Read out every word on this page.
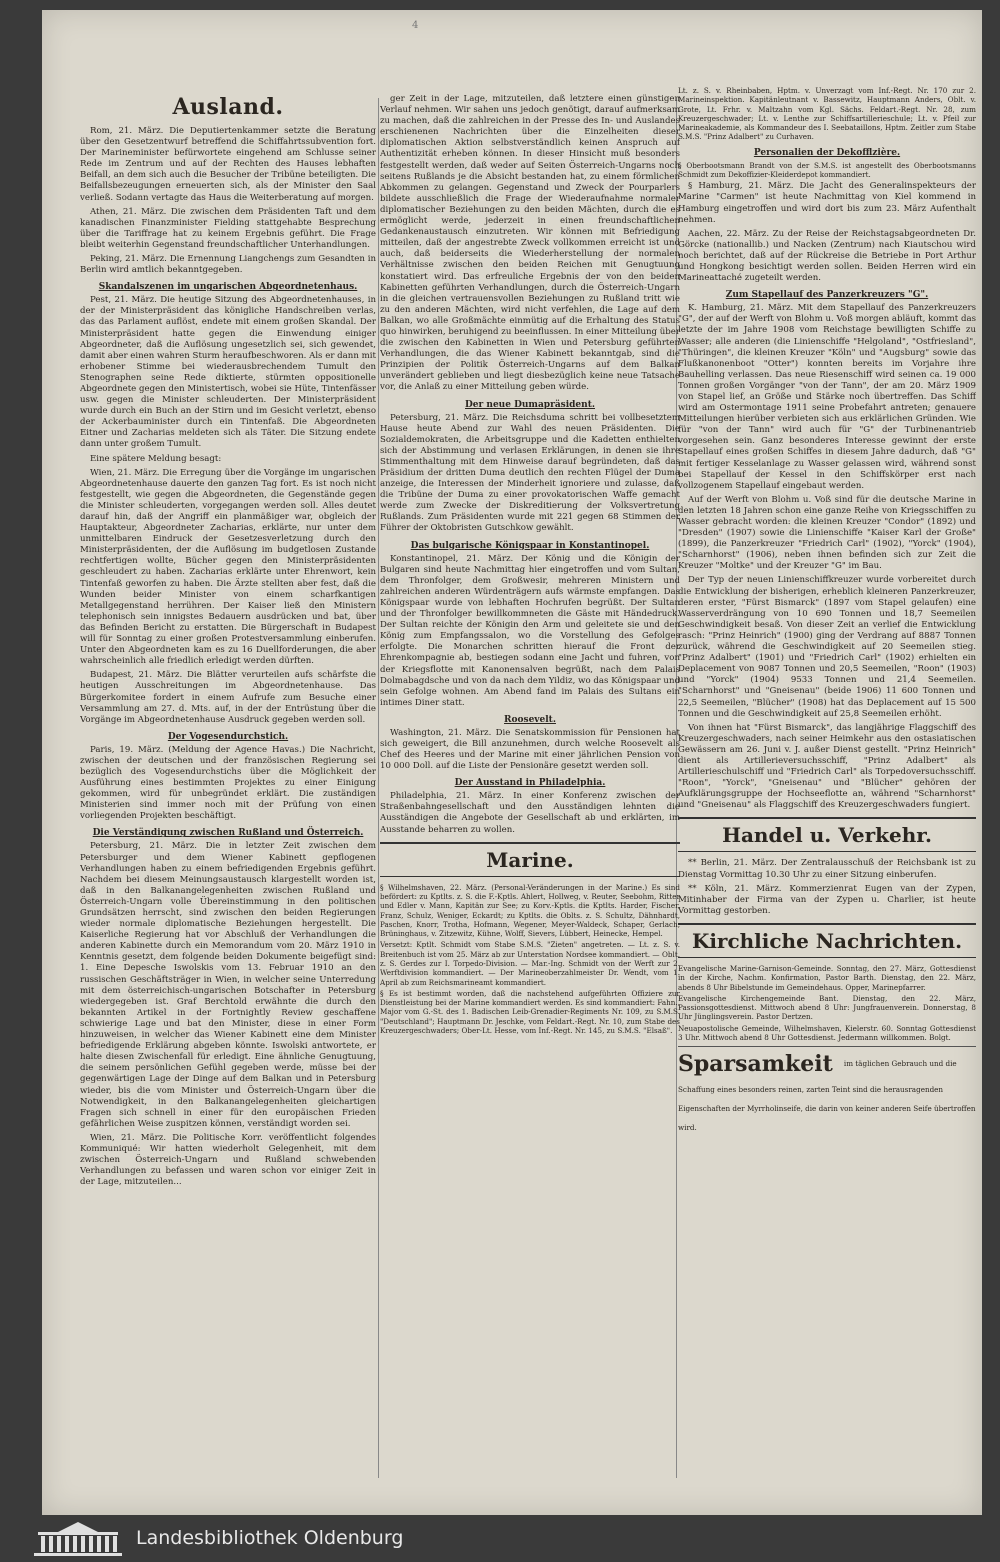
4
Ausland.

Rom, 21. März. Die Deputiertenkammer setzte die Beratung über den Gesetzentwurf betreffend die Schiffahrtssubvention fort. Der Marineminister befürwortete eingehend am Schlusse seiner Rede im Zentrum und auf der Rechten des Hauses lebhaften Beifall, an dem sich auch die Besucher der Tribüne beteiligten. Die Beifallsbezeugungen erneuerten sich, als der Minister den Saal verließ. Sodann vertagte das Haus die Weiterberatung auf morgen.

Athen, 21. März. Die zwischen dem Präsidenten Taft und dem kanadischen Finanzminister Fielding stattgehabte Besprechung über die Tariffrage hat zu keinem Ergebnis geführt. Die Frage bleibt weiterhin Gegenstand freundschaftlicher Unterhandlungen.

Peking, 21. März. Die Ernennung Liangchengs zum Gesandten in Berlin wird amtlich bekanntgegeben.

Skandalszenen im ungarischen Abgeordnetenhaus.

Pest, 21. März. Die heutige Sitzung des Abgeordnetenhauses, in der der Ministerpräsident das königliche Handschreiben verlas, das das Parlament auflöst, endete mit einem großen Skandal. Der Ministerpräsident hatte gegen die Einwendung einiger Abgeordneter, daß die Auflösung ungesetzlich sei, sich gewendet, damit aber einen wahren Sturm heraufbeschworen. Als er dann mit erhobener Stimme bei wiederausbrechendem Tumult den Stenographen seine Rede diktierte, stürmten oppositionelle Abgeordnete gegen den Ministertisch, wobei sie Hüte, Tintenfässer usw. gegen die Minister schleuderten. Der Ministerpräsident wurde durch ein Buch an der Stirn und im Gesicht verletzt, ebenso der Ackerbauminister durch ein Tintenfaß. Die Abgeordneten Eitner und Zacharias meldeten sich als Täter. Die Sitzung endete dann unter großem Tumult.

Eine spätere Meldung besagt:

Wien, 21. März. Die Erregung über die Vorgänge im ungarischen Abgeordnetenhause dauerte den ganzen Tag fort. Es ist noch nicht festgestellt, wie gegen die Abgeordneten, die Gegenstände gegen die Minister schleuderten, vorgegangen werden soll. Alles deutet darauf hin, daß der Angriff ein planmäßiger war, obgleich der Hauptakteur, Abgeordneter Zacharias, erklärte, nur unter dem unmittelbaren Eindruck der Gesetzesverletzung durch den Ministerpräsidenten, der die Auflösung im budgetlosen Zustande rechtfertigen wollte, Bücher gegen den Ministerpräsidenten geschleudert zu haben. Zacharias erklärte unter Ehrenwort, kein Tintenfaß geworfen zu haben. Die Ärzte stellten aber fest, daß die Wunden beider Minister von einem scharfkantigen Metallgegenstand herrühren. Der Kaiser ließ den Ministern telephonisch sein innigstes Bedauern ausdrücken und bat, über das Befinden Bericht zu erstatten. Die Bürgerschaft in Budapest will für Sonntag zu einer großen Protestversammlung einberufen. Unter den Abgeordneten kam es zu 16 Duellforderungen, die aber wahrscheinlich alle friedlich erledigt werden dürften.

Budapest, 21. März. Die Blätter verurteilen aufs schärfste die heutigen Ausschreitungen im Abgeordnetenhause. Das Bürgerkomitee fordert in einem Aufrufe zum Besuche einer Versammlung am 27. d. Mts. auf, in der der Entrüstung über die Vorgänge im Abgeordnetenhause Ausdruck gegeben werden soll.

Der Vogesendurchstich.

Paris, 19. März. (Meldung der Agence Havas.) Die Nachricht, zwischen der deutschen und der französischen Regierung sei bezüglich des Vogesendurchstichs über die Möglichkeit der Ausführung eines bestimmten Projektes zu einer Einigung gekommen, wird für unbegründet erklärt. Die zuständigen Ministerien sind immer noch mit der Prüfung von einen vorliegenden Projekten beschäftigt.

Die Verständigung zwischen Rußland und Österreich.

Petersburg, 21. März. Die in letzter Zeit zwischen dem Petersburger und dem Wiener Kabinett gepflogenen Verhandlungen haben zu einem befriedigenden Ergebnis geführt. Nachdem bei diesem Meinungsaustausch klargestellt worden ist, daß in den Balkanangelegenheiten zwischen Rußland und Österreich-Ungarn volle Übereinstimmung in den politischen Grundsätzen herrscht, sind zwischen den beiden Regierungen wieder normale diplomatische Beziehungen hergestellt. Die Kaiserliche Regierung hat vor Abschluß der Verhandlungen die anderen Kabinette durch ein Memorandum vom 20. März 1910 in Kenntnis gesetzt, dem folgende beiden Dokumente beigefügt sind: 1. Eine Depesche Iswolskis vom 13. Februar 1910 an den russischen Geschäftsträger in Wien, in welcher seine Unterredung mit dem österreichisch-ungarischen Botschafter in Petersburg wiedergegeben ist. Graf Berchtold erwähnte die durch den bekannten Artikel in der Fortnightly Review geschaffene schwierige Lage und bat den Minister, diese in einer Form hinzuweisen, in welcher das Wiener Kabinett eine dem Minister befriedigende Erklärung abgeben könnte. Iswolski antwortete, er halte diesen Zwischenfall für erledigt. Eine ähnliche Genugtuung, die seinem persönlichen Gefühl gegeben werde, müsse bei der gegenwärtigen Lage der Dinge auf dem Balkan und in Petersburg wieder, bis die vom Minister und Österreich-Ungarn über die Notwendigkeit, in den Balkanangelegenheiten gleichartigen Fragen sich schnell in einer für den europäischen Frieden gefährlichen Weise zuspitzen können, verständigt worden sei.

Wien, 21. März. Die Politische Korr. veröffentlicht folgendes Kommuniqué: Wir hatten wiederholt Gelegenheit, mit dem zwischen Österreich-Ungarn und Rußland schwebenden Verhandlungen zu befassen und waren schon vor einiger Zeit in der Lage, mitzuteilen...

ger Zeit in der Lage, mitzuteilen, daß letztere einen günstigen Verlauf nehmen. Wir sahen uns jedoch genötigt, darauf aufmerksam zu machen, daß die zahlreichen in der Presse des In- und Auslandes erschienenen Nachrichten über die Einzelheiten dieser diplomatischen Aktion selbstverständlich keinen Anspruch auf Authentizität erheben können. In dieser Hinsicht muß besonders festgestellt werden, daß weder auf Seiten Österreich-Ungarns noch seitens Rußlands je die Absicht bestanden hat, zu einem förmlichen Abkommen zu gelangen. Gegenstand und Zweck der Pourparlers bildete ausschließlich die Frage der Wiederaufnahme normaler diplomatischer Beziehungen zu den beiden Mächten, durch die es ermöglicht werde, jederzeit in einen freundschaftlichen Gedankenaustausch einzutreten. Wir können mit Befriedigung mitteilen, daß der angestrebte Zweck vollkommen erreicht ist und auch, daß beiderseits die Wiederherstellung der normalen Verhältnisse zwischen den beiden Reichen mit Genugtuung konstatiert wird. Das erfreuliche Ergebnis der von den beiden Kabinetten geführten Verhandlungen, durch die Österreich-Ungarn in die gleichen vertrauensvollen Beziehungen zu Rußland tritt wie zu den anderen Mächten, wird nicht verfehlen, die Lage auf dem Balkan, wo alle Großmächte einmütig auf die Erhaltung des Status quo hinwirken, beruhigend zu beeinflussen. In einer Mitteilung über die zwischen den Kabinetten in Wien und Petersburg geführten Verhandlungen, die das Wiener Kabinett bekanntgab, sind die Prinzipien der Politik Österreich-Ungarns auf dem Balkan unverändert geblieben und liegt diesbezüglich keine neue Tatsache vor, die Anlaß zu einer Mitteilung geben würde.

Der neue Dumapräsident.

Petersburg, 21. März. Die Reichsduma schritt bei vollbesetztem Hause heute Abend zur Wahl des neuen Präsidenten. Die Sozialdemokraten, die Arbeitsgruppe und die Kadetten enthielten sich der Abstimmung und verlasen Erklärungen, in denen sie ihre Stimmenthaltung mit dem Hinweise darauf begründeten, daß das Präsidium der dritten Duma deutlich den rechten Flügel der Duma anzeige, die Interessen der Minderheit ignoriere und zulasse, daß die Tribüne der Duma zu einer provokatorischen Waffe gemacht werde zum Zwecke der Diskreditierung der Volksvertretung Rußlands. Zum Präsidenten wurde mit 221 gegen 68 Stimmen der Führer der Oktobristen Gutschkow gewählt.

Das bulgarische Königspaar in Konstantinopel.

Konstantinopel, 21. März. Der König und die Königin der Bulgaren sind heute Nachmittag hier eingetroffen und vom Sultan, dem Thronfolger, dem Großwesir, mehreren Ministern und zahlreichen anderen Würdenträgern aufs wärmste empfangen. Das Königspaar wurde von lebhaften Hochrufen begrüßt. Der Sultan und der Thronfolger bewillkommneten die Gäste mit Händedruck. Der Sultan reichte der Königin den Arm und geleitete sie und den König zum Empfangssalon, wo die Vorstellung des Gefolges erfolgte. Die Monarchen schritten hierauf die Front der Ehrenkompagnie ab, bestiegen sodann eine Jacht und fuhren, von der Kriegsflotte mit Kanonensalven begrüßt, nach dem Palais Dolmabagdsche und von da nach dem Yildiz, wo das Königspaar und sein Gefolge wohnen. Am Abend fand im Palais des Sultans ein intimes Diner statt.

Roosevelt.

Washington, 21. März. Die Senatskommission für Pensionen hat sich geweigert, die Bill anzunehmen, durch welche Roosevelt als Chef des Heeres und der Marine mit einer jährlichen Pension von 10 000 Doll. auf die Liste der Pensionäre gesetzt werden soll.

Der Ausstand in Philadelphia.

Philadelphia, 21. März. In einer Konferenz zwischen der Straßenbahngesellschaft und den Ausständigen lehnten die Ausständigen die Angebote der Gesellschaft ab und erklärten, im Ausstande beharren zu wollen.

Marine.

§ Wilhelmshaven, 22. März. (Personal-Veränderungen in der Marine.) Es sind befördert: zu Kptlts. z. S. die F.-Kptls. Ahlert, Hollweg, v. Reuter, Seebohm, Ritter und Edler v. Mann, Kapitän zur See; zu Korv.-Kptls. die Kptlts. Harder, Fischer, Franz, Schulz, Weniger, Eckardt; zu Kptlts. die Oblts. z. S. Schultz, Dähnhardt, Paschen, Knorr, Trotha, Hofmann, Wegener, Meyer-Waldeck, Schaper, Gerlach, Brüninghaus, v. Zitzewitz, Kühne, Wolff, Sievers, Lübbert, Heinecke, Hempel.

Versetzt: Kptlt. Schmidt vom Stabe S.M.S. "Zieten" angetreten. — Lt. z. S. v. Breitenbuch ist vom 25. März ab zur Unterstation Nordsee kommandiert. — Oblt. z. S. Gerdes zur I. Torpedo-Division. — Mar.-Ing. Schmidt von der Werft zur 2. Werftdivision kommandiert. — Der Marineoberzahlmeister Dr. Wendt, vom 1. April ab zum Reichsmarineamt kommandiert.

§ Es ist bestimmt worden, daß die nachstehend aufgeführten Offiziere zur Dienstleistung bei der Marine kommandiert werden. Es sind kommandiert: Fahn., Major vom G.-St. des 1. Badischen Leib-Grenadier-Regiments Nr. 109, zu S.M.S. "Deutschland"; Hauptmann Dr. Jeschke, vom Feldart.-Regt. Nr. 10, zum Stabe des Kreuzergeschwaders; Ober-Lt. Hesse, vom Inf.-Regt. Nr. 145, zu S.M.S. "Elsaß".

Lt. z. S. v. Rheinbaben, Hptm. v. Unverzagt vom Inf.-Regt. Nr. 170 zur 2. Marineinspektion. Kapitänleutnant v. Bassewitz, Hauptmann Anders, Oblt. v. Grote, Lt. Frhr. v. Maltzahn vom Kgl. Sächs. Feldart.-Regt. Nr. 28, zum Kreuzergeschwader; Lt. v. Lenthe zur Schiffsartillerieschule; Lt. v. Pfeil zur Marineakademie, als Kommandeur des I. Seebataillons, Hptm. Zeitler zum Stabe S.M.S. "Prinz Adalbert" zu Curhaven.

Personalien der Dekofflzière.

§ Oberbootsmann Brandt von der S.M.S. ist angestellt des Oberbootsmanns Schmidt zum Dekoffizier-Kleiderdepot kommandiert.

§ Hamburg, 21. März. Die Jacht des Generalinspekteurs der Marine "Carmen" ist heute Nachmittag von Kiel kommend in Hamburg eingetroffen und wird dort bis zum 23. März Aufenthalt nehmen.

Aachen, 22. März. Zu der Reise der Reichstagsabgeordneten Dr. Görcke (nationallib.) und Nacken (Zentrum) nach Kiautschou wird noch berichtet, daß auf der Rückreise die Betriebe in Port Arthur und Hongkong besichtigt werden sollen. Beiden Herren wird ein Marineattaché zugeteilt werden.

Zum Stapellauf des Panzerkreuzers "G".

K. Hamburg, 21. März. Mit dem Stapellauf des Panzerkreuzers "G", der auf der Werft von Blohm u. Voß morgen abläuft, kommt das letzte der im Jahre 1908 vom Reichstage bewilligten Schiffe zu Wasser; alle anderen (die Linienschiffe "Helgoland", "Ostfriesland", "Thüringen", die kleinen Kreuzer "Köln" und "Augsburg" sowie das Flußkanonenboot "Otter") konnten bereits im Vorjahre ihre Bauhelling verlassen. Das neue Riesenschiff wird seinen ca. 19 000 Tonnen großen Vorgänger "von der Tann", der am 20. März 1909 von Stapel lief, an Größe und Stärke noch übertreffen. Das Schiff wird am Ostermontage 1911 seine Probefahrt antreten; genauere Mitteilungen hierüber verbieten sich aus erklärlichen Gründen. Wie für "von der Tann" wird auch für "G" der Turbinenantrieb vorgesehen sein. Ganz besonderes Interesse gewinnt der erste Stapellauf eines großen Schiffes in diesem Jahre dadurch, daß "G" mit fertiger Kesselanlage zu Wasser gelassen wird, während sonst bei Stapellauf der Kessel in den Schiffskörper erst nach vollzogenem Stapellauf eingebaut werden.

Auf der Werft von Blohm u. Voß sind für die deutsche Marine in den letzten 18 Jahren schon eine ganze Reihe von Kriegsschiffen zu Wasser gebracht worden: die kleinen Kreuzer "Condor" (1892) und "Dresden" (1907) sowie die Linienschiffe "Kaiser Karl der Große" (1899), die Panzerkreuzer "Friedrich Carl" (1902), "Yorck" (1904), "Scharnhorst" (1906), neben ihnen befinden sich zur Zeit die Kreuzer "Moltke" und der Kreuzer "G" im Bau.

Der Typ der neuen Linienschiffkreuzer wurde vorbereitet durch die Entwicklung der bisherigen, erheblich kleineren Panzerkreuzer, deren erster, "Fürst Bismarck" (1897 vom Stapel gelaufen) eine Wasserverdrängung von 10 690 Tonnen und 18,7 Seemeilen Geschwindigkeit besaß. Von dieser Zeit an verlief die Entwicklung rasch: "Prinz Heinrich" (1900) ging der Verdrang auf 8887 Tonnen zurück, während die Geschwindigkeit auf 20 Seemeilen stieg. "Prinz Adalbert" (1901) und "Friedrich Carl" (1902) erhielten ein Deplacement von 9087 Tonnen und 20,5 Seemeilen, "Roon" (1903) und "Yorck" (1904) 9533 Tonnen und 21,4 Seemeilen. "Scharnhorst" und "Gneisenau" (beide 1906) 11 600 Tonnen und 22,5 Seemeilen, "Blücher" (1908) hat das Deplacement auf 15 500 Tonnen und die Geschwindigkeit auf 25,8 Seemeilen erhöht.

Von ihnen hat "Fürst Bismarck", das langjährige Flaggschiff des Kreuzergeschwaders, nach seiner Heimkehr aus den ostasiatischen Gewässern am 26. Juni v. J. außer Dienst gestellt. "Prinz Heinrich" dient als Artillerieversuchsschiff, "Prinz Adalbert" als Artillerieschulschiff und "Friedrich Carl" als Torpedoversuchsschiff. "Roon", "Yorck", "Gneisenau" und "Blücher" gehören der Aufklärungsgruppe der Hochseeflotte an, während "Scharnhorst" und "Gneisenau" als Flaggschiff des Kreuzergeschwaders fungiert.

Handel u. Verkehr.

** Berlin, 21. März. Der Zentralausschuß der Reichsbank ist zu Dienstag Vormittag 10.30 Uhr zu einer Sitzung einberufen.

** Köln, 21. März. Kommerzienrat Eugen van der Zypen, Mitinhaber der Firma van der Zypen u. Charlier, ist heute Vormittag gestorben.

Kirchliche Nachrichten.

Evangelische Marine-Garnison-Gemeinde. Sonntag, den 27. März, Gottesdienst in der Kirche, Nachm. Konfirmation, Pastor Barth. Dienstag, den 22. März, abends 8 Uhr Bibelstunde im Gemeindehaus. Opper, Marinepfarrer.

Evangelische Kirchengemeinde Bant. Dienstag, den 22. März, Passionsgottesdienst. Mittwoch abend 8 Uhr: Jungfrauenverein. Donnerstag, 8 Uhr Jünglingsverein. Pastor Dertzen.

Neuapostolische Gemeinde, Wilhelmshaven, Kielerstr. 60. Sonntag Gottesdienst 3 Uhr. Mittwoch abend 8 Uhr Gottesdienst. Jedermann willkommen. Bolgt.

Sparsamkeit im täglichen Gebrauch und die Schaffung eines besonders reinen, zarten Teint sind die herausragenden Eigenschaften der Myrrholinseife, die darin von keiner anderen Seife übertroffen wird.
Landesbibliothek Oldenburg
